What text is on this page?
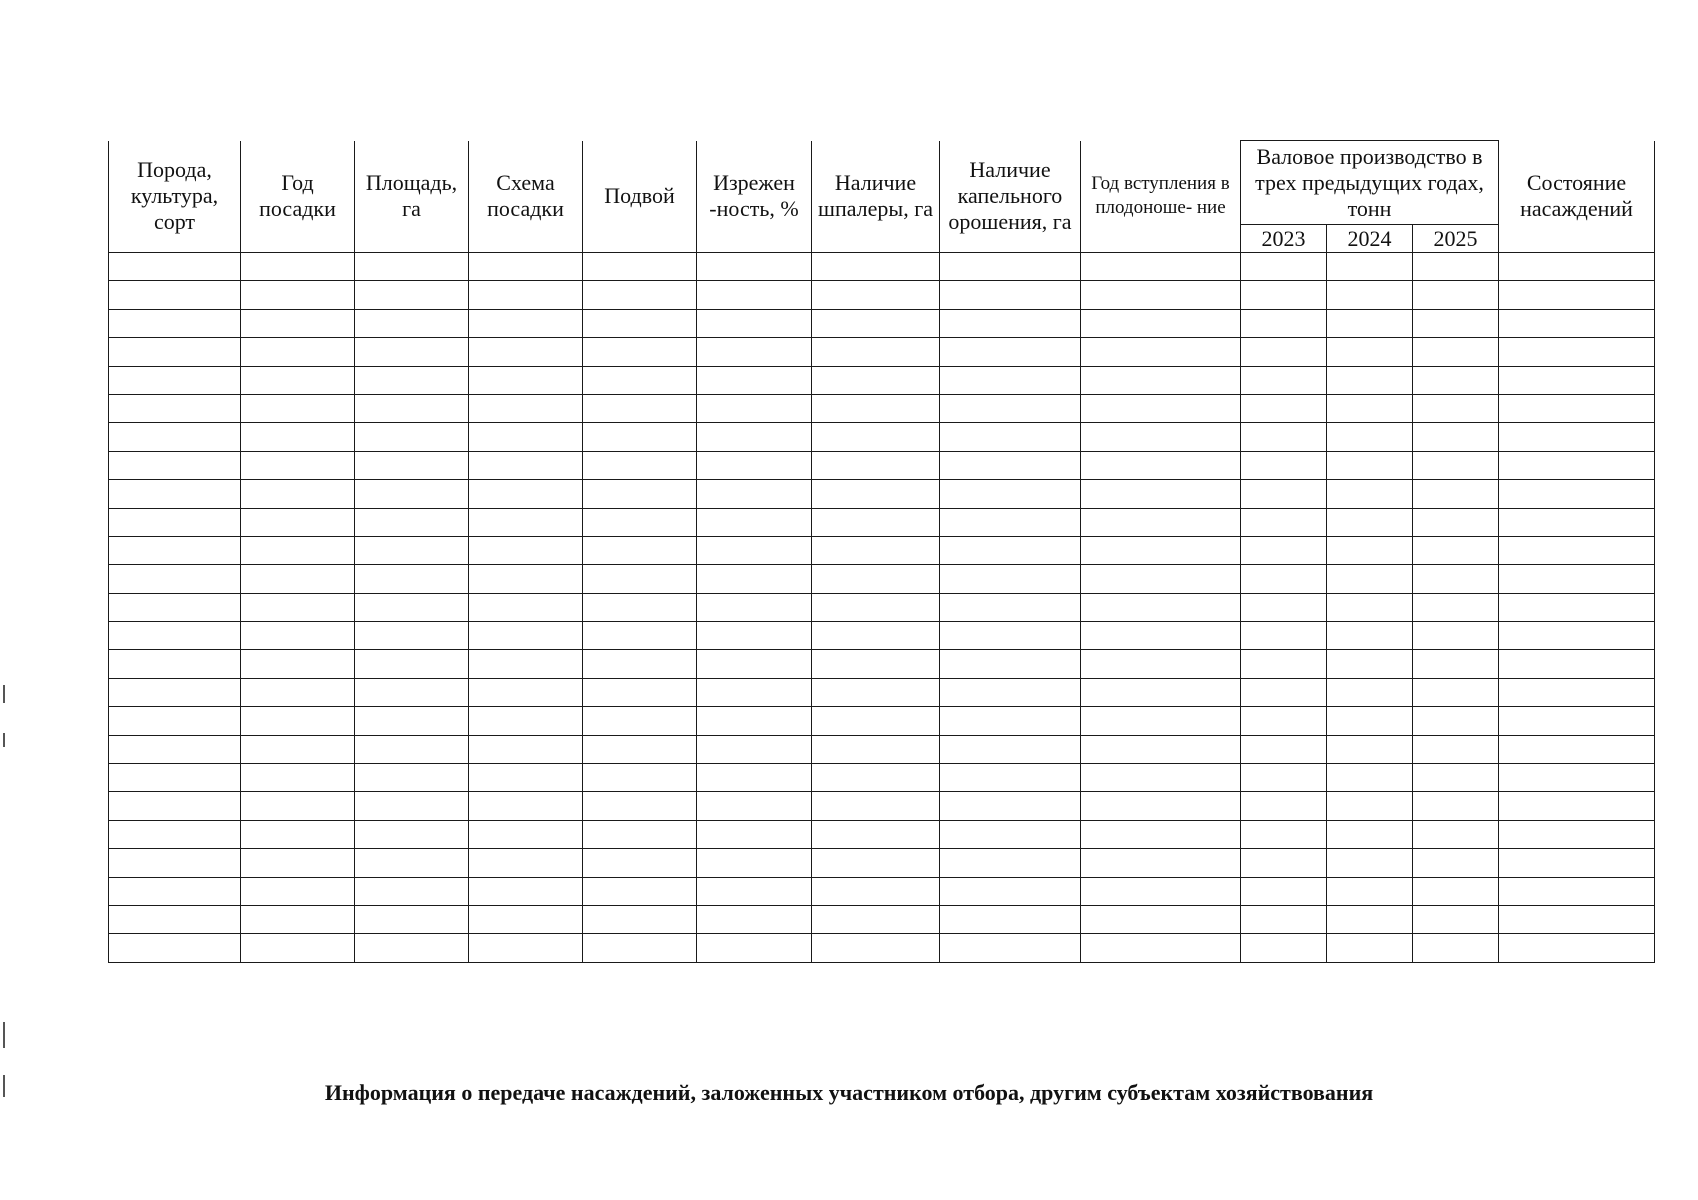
Порода, культура, сорт	Год посадки	Площадь, га	Схема посадки	Подвой	Изрежен -ность, %	Наличие шпалеры, га	Наличие капельного орошения, га	Год вступления в плодоноше- ние	Валовое производство в трех предыдущих годах, тонн			Состояние насаждений
									2023	2024	2025	

Информация о передаче насаждений, заложенных участником отбора, другим субъектам хозяйствования
